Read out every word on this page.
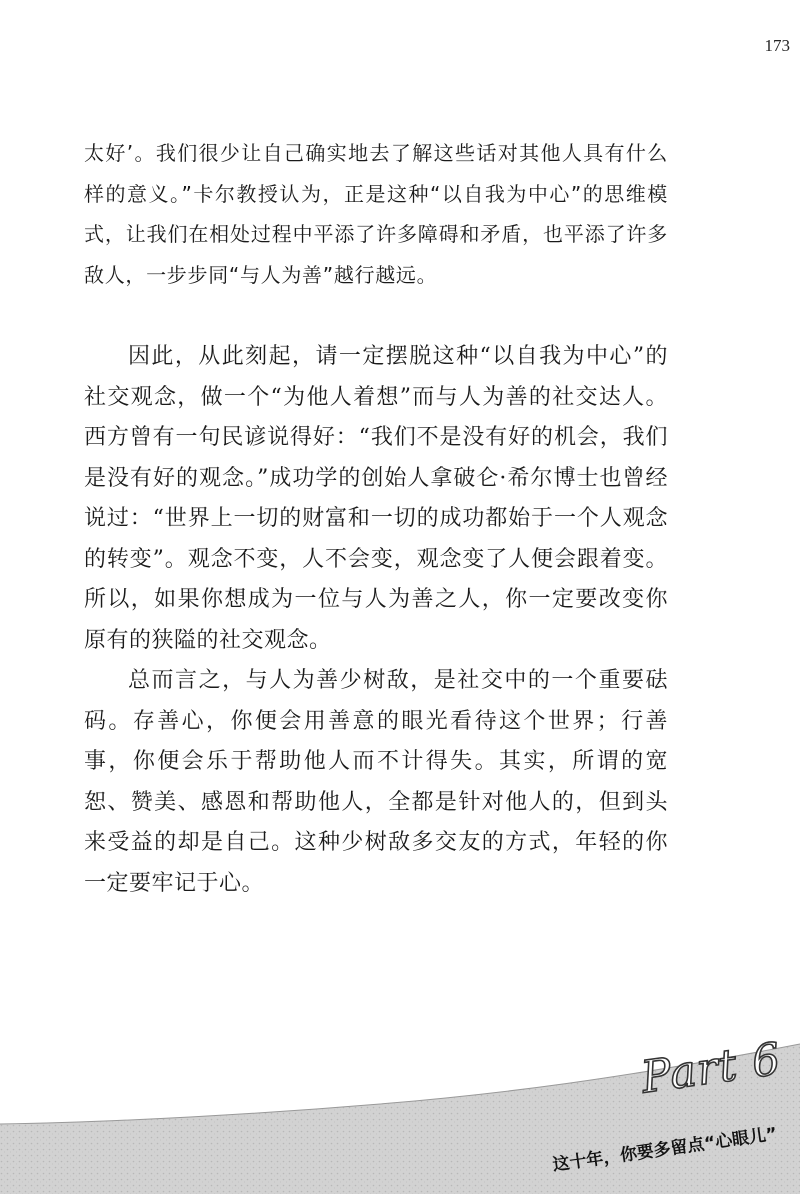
173

太好’。我们很少让自己确实地去了解这些话对其他人具有什么样的意义。”卡尔教授认为，正是这种“以自我为中心”的思维模式，让我们在相处过程中平添了许多障碍和矛盾，也平添了许多敌人，一步步同“与人为善”越行越远。

因此，从此刻起，请一定摆脱这种“以自我为中心”的社交观念，做一个“为他人着想”而与人为善的社交达人。西方曾有一句民谚说得好：“我们不是没有好的机会，我们是没有好的观念。”成功学的创始人拿破仑·希尔博士也曾经说过：“世界上一切的财富和一切的成功都始于一个人观念的转变”。观念不变，人不会变，观念变了人便会跟着变。所以，如果你想成为一位与人为善之人，你一定要改变你原有的狭隘的社交观念。

总而言之，与人为善少树敌，是社交中的一个重要砝码。存善心，你便会用善意的眼光看待这个世界；行善事，你便会乐于帮助他人而不计得失。其实，所谓的宽恕、赞美、感恩和帮助他人，全都是针对他人的，但到头来受益的却是自己。这种少树敌多交友的方式，年轻的你一定要牢记于心。

Part 6
这十年，你要多留点“心眼儿”
